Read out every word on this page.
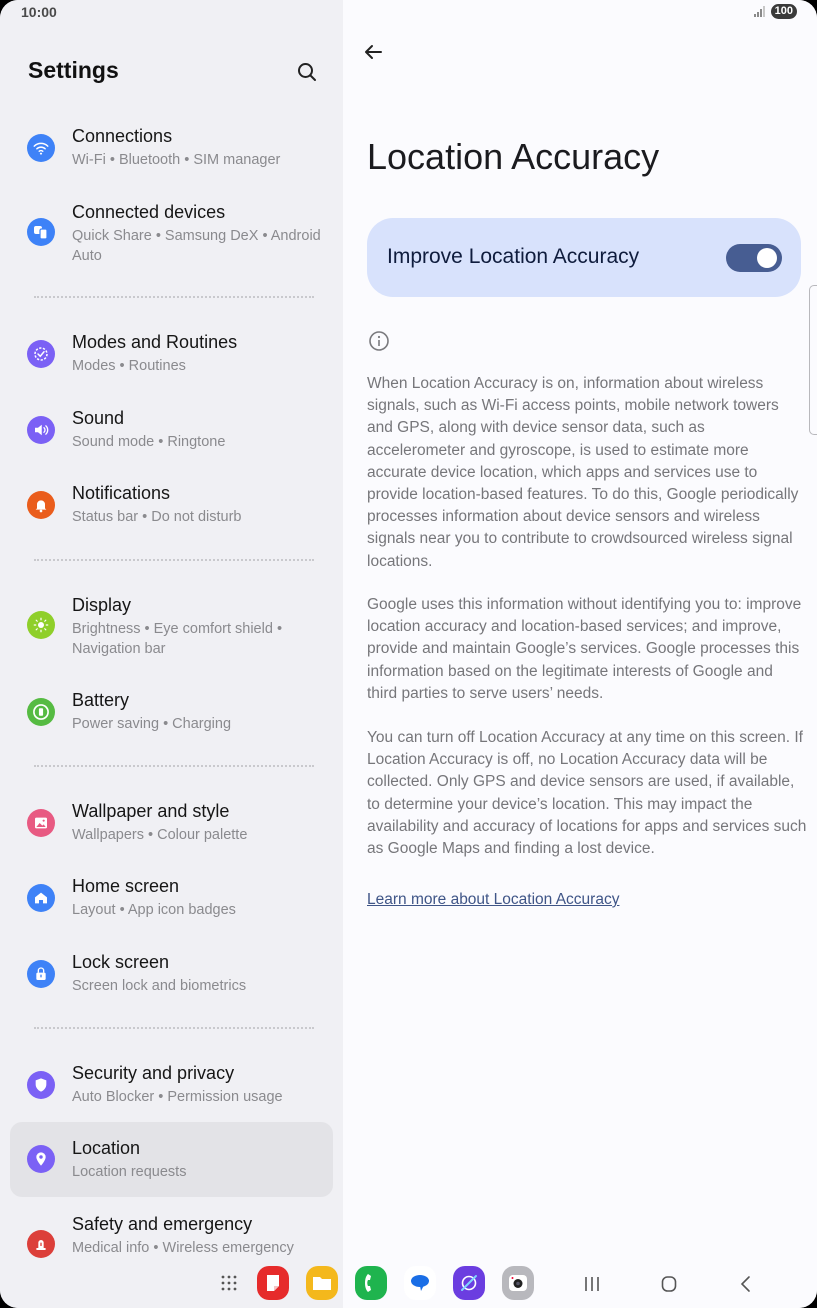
10:00
Settings
Connections
Wi-Fi • Bluetooth • SIM manager
Connected devices
Quick Share • Samsung DeX • Android Auto
Modes and Routines
Modes • Routines
Sound
Sound mode • Ringtone
Notifications
Status bar • Do not disturb
Display
Brightness • Eye comfort shield • Navigation bar
Battery
Power saving • Charging
Wallpaper and style
Wallpapers • Colour palette
Home screen
Layout • App icon badges
Lock screen
Screen lock and biometrics
Security and privacy
Auto Blocker • Permission usage
Location
Location requests
Safety and emergency
Medical info • Wireless emergency
100
Location Accuracy
Improve Location Accuracy

When Location Accuracy is on, information about wireless signals, such as Wi-Fi access points, mobile network towers and GPS, along with device sensor data, such as accelerometer and gyroscope, is used to estimate more accurate device location, which apps and services use to provide location-based features. To do this, Google periodically processes information about device sensors and wireless signals near you to contribute to crowdsourced wireless signal locations.

Google uses this information without identifying you to: improve location accuracy and location-based services; and improve, provide and maintain Google’s services. Google processes this information based on the legitimate interests of Google and third parties to serve users’ needs.

You can turn off Location Accuracy at any time on this screen. If Location Accuracy is off, no Location Accuracy data will be collected. Only GPS and device sensors are used, if available, to determine your device’s location. This may impact the availability and accuracy of locations for apps and services such as Google Maps and finding a lost device.

Learn more about Location Accuracy
